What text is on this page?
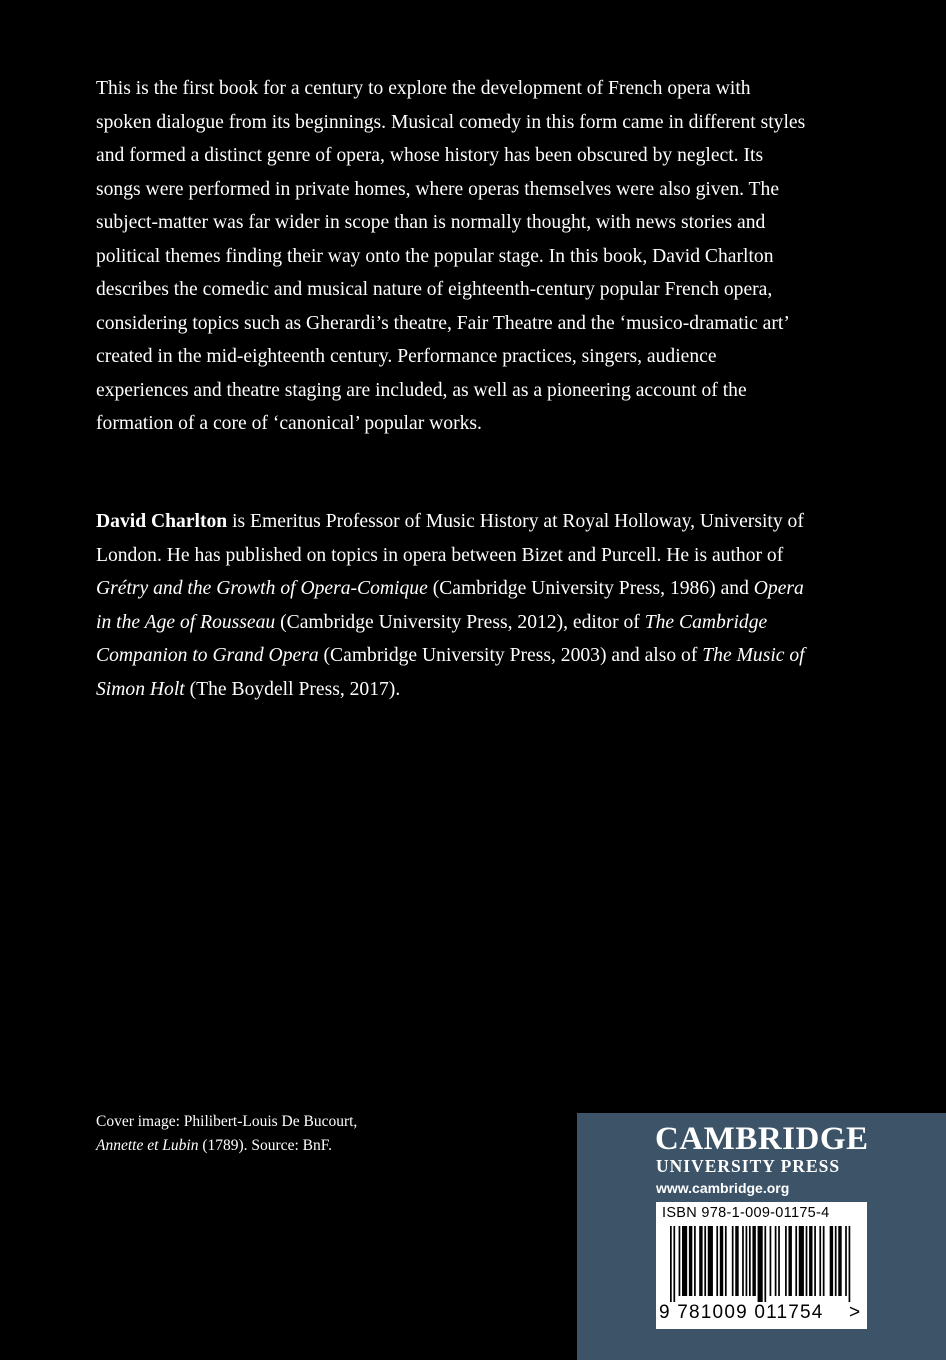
This is the first book for a century to explore the development of French opera with spoken dialogue from its beginnings. Musical comedy in this form came in different styles and formed a distinct genre of opera, whose history has been obscured by neglect. Its songs were performed in private homes, where operas themselves were also given. The subject-matter was far wider in scope than is normally thought, with news stories and political themes finding their way onto the popular stage. In this book, David Charlton describes the comedic and musical nature of eighteenth-century popular French opera, considering topics such as Gherardi’s theatre, Fair Theatre and the ‘musico-dramatic art’ created in the mid-eighteenth century. Performance practices, singers, audience experiences and theatre staging are included, as well as a pioneering account of the formation of a core of ‘canonical’ popular works.

David Charlton is Emeritus Professor of Music History at Royal Holloway, University of London. He has published on topics in opera between Bizet and Purcell. He is author of Grétry and the Growth of Opera-Comique (Cambridge University Press, 1986) and Opera in the Age of Rousseau (Cambridge University Press, 2012), editor of The Cambridge Companion to Grand Opera (Cambridge University Press, 2003) and also of The Music of Simon Holt (The Boydell Press, 2017).

Cover image: Philibert-Louis De Bucourt,
Annette et Lubin (1789). Source: BnF.	CAMBRIDGE
UNIVERSITY PRESS
www.cambridge.org
ISBN 978-1-009-01175-4
9 781009 011754 >
